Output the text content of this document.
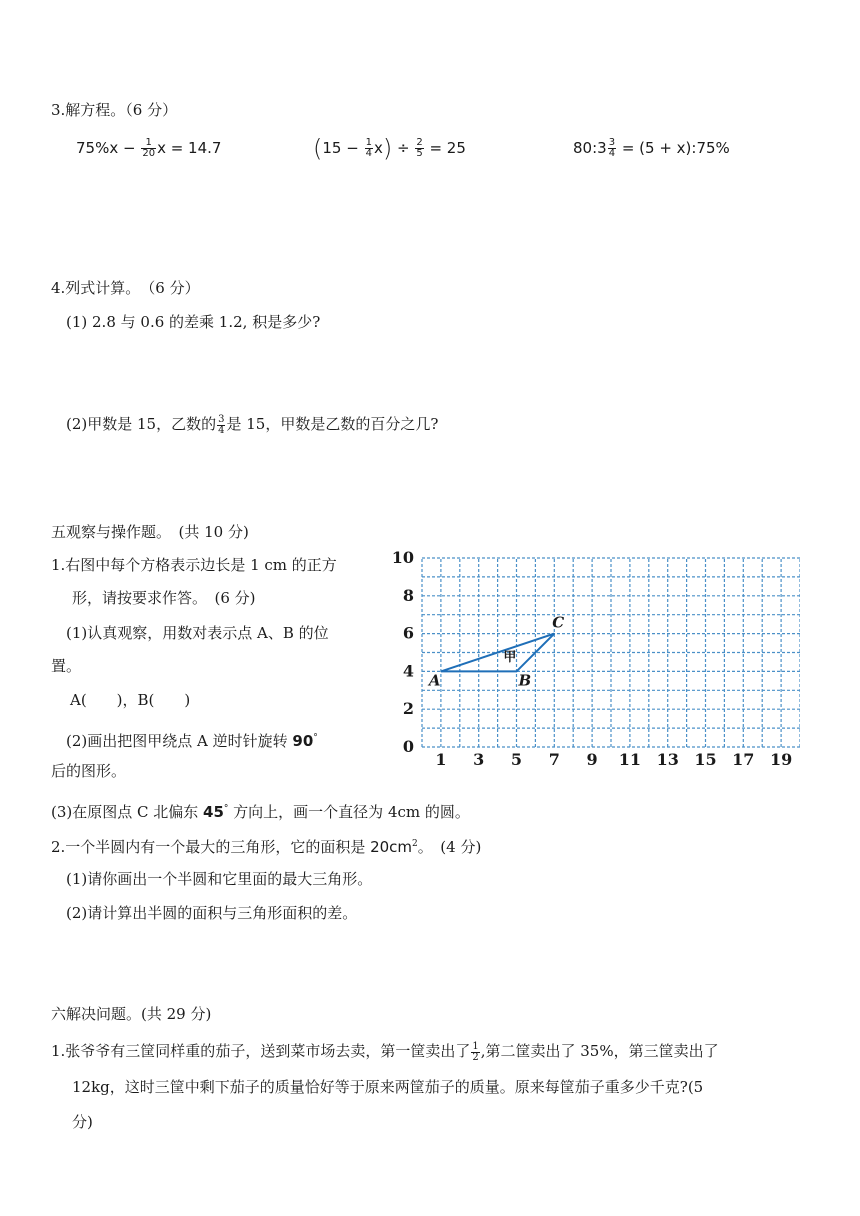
3.解方程。（6 分）
$75\%x - \frac{1}{20}$ x = 14.7	$(15 - \frac{1}{4} x) \div \frac{2}{5} = 25$	80:3 $\frac{3}{4} = (5$ + x):75%
4.列式计算。　（6 分）
(1) 2.8 与 0.6 的差乘 1.2, 积是多少?
(2)甲数是 15，乙数的 $\frac{3}{4}$ 是 15，甲数是乙数的百分之几?
五观察与操作题。　(共 10 分)
1.右图中每个方格表示边长是 1 cm 的正方
形，请按要求作答。　(6 分)
(1)认真观察，用数对表示点 A、B 的位
置。
A(　　)，B(　　)
(2)画出把图甲绕点 A 逆时针旋转 90°
后的图形。
(3)在原图点 C 北偏东 45° 方向上，画一个直径为 4cm 的圆。
2.一个半圆内有一个最大的三角形，它的面积是 $20cm^2$。　(4 分)
(1)请你画出一个半圆和它里面的最大三角形。
(2)请计算出半圆的面积与三角形面积的差。
0
2
4
6
8
10
1 3 5 7 9 11 13 15 17 19
A	B
C
甲
六解决问题。(共 29 分)
1.张爷爷有三筐同样重的茄子，送到菜市场去卖，第一筐卖出了 $\frac{1}{2}$ ,第二筐卖出了 35%，第三筐卖出了
12kg，这时三筐中剩下茄子的质量恰好等于原来两筐茄子的质量。原来每筐茄子重多少千克?(5
分)
